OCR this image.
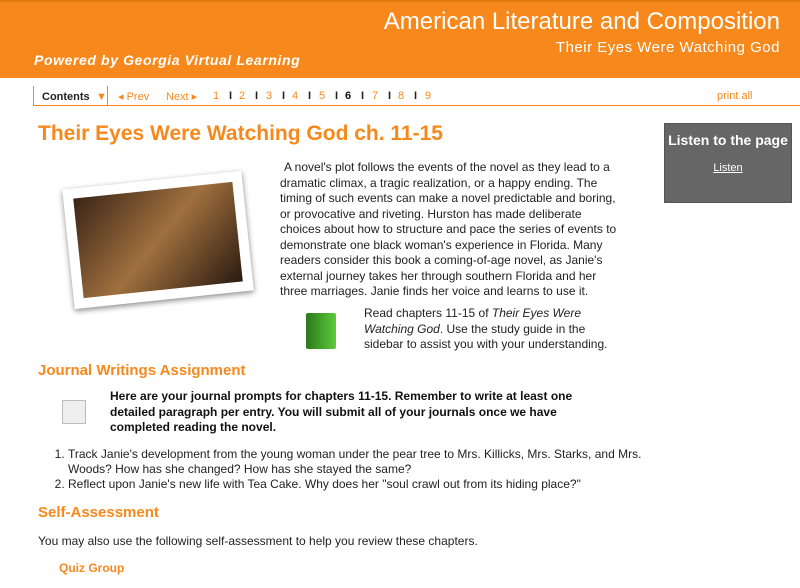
American Literature and Composition
Their Eyes Were Watching God
Powered by Georgia Virtual Learning
Contents ▼ ◂ Prev Next ▸ 1 2 3 4 5 6 7 8 9
I I I I I I I I	print all
Their Eyes Were Watching God ch. 11-15
A novel's plot follows the events of the novel as they lead to a dramatic climax, a tragic realization, or a happy ending. The timing of such events can make a novel predictable and boring, or provocative and riveting. Hurston has made deliberate choices about how to structure and pace the series of events to demonstrate one black woman's experience in Florida. Many readers consider this book a coming-of-age novel, as Janie's external journey takes her through southern Florida and her three marriages. Janie finds her voice and learns to use it.
Read chapters 11-15 of Their Eyes Were Watching God. Use the study guide in the sidebar to assist you with your understanding.
Journal Writings Assignment
Here are your journal prompts for chapters 11-15. Remember to write at least one detailed paragraph per entry. You will submit all of your journals once we have completed reading the novel.
1. Track Janie's development from the young woman under the pear tree to Mrs. Killicks, Mrs. Starks, and Mrs. Woods? How has she changed? How has she stayed the same?
2. Reflect upon Janie's new life with Tea Cake. Why does her "soul crawl out from its hiding place?"
Self-Assessment
You may also use the following self-assessment to help you review these chapters.
Quiz Group
Listen to the page
Listen
